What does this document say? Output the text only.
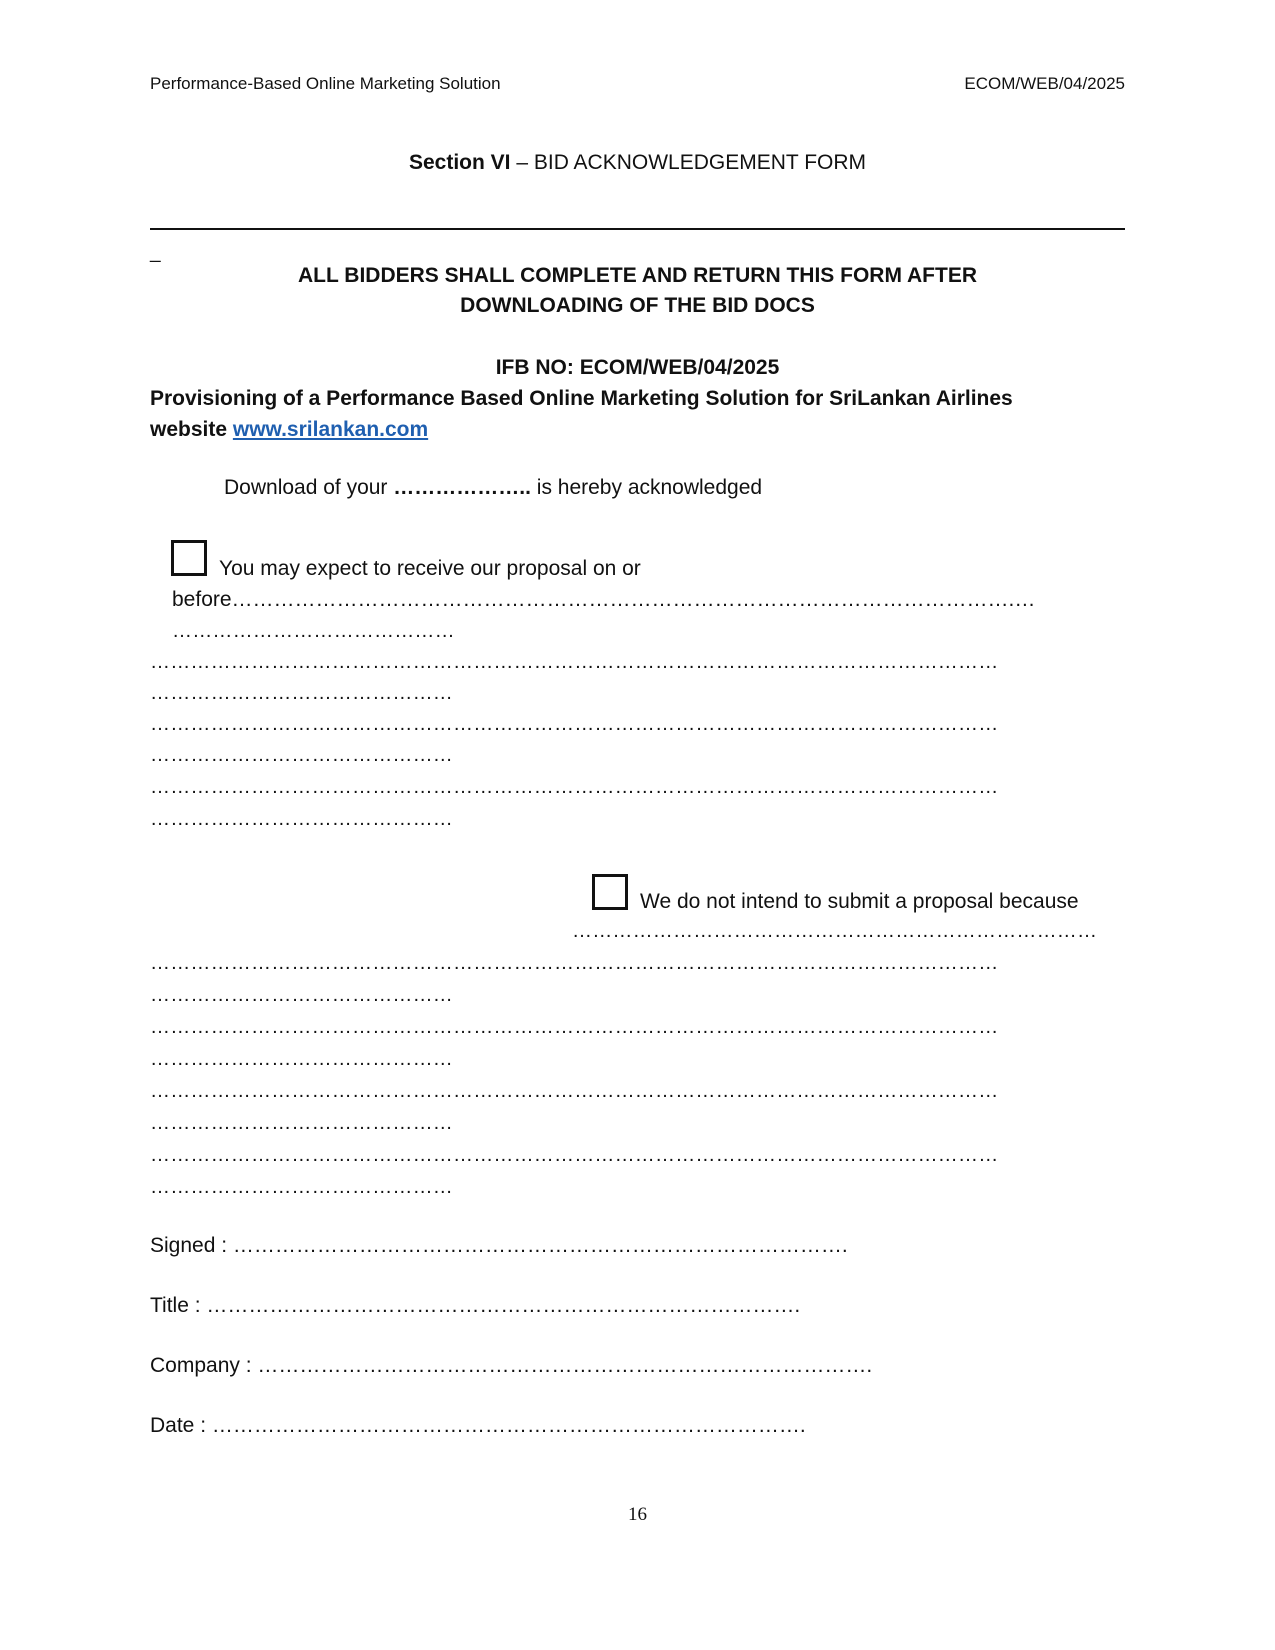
Performance-Based Online Marketing Solution	ECOM/WEB/04/2025
Section VI – BID ACKNOWLEDGEMENT FORM
_
ALL BIDDERS SHALL COMPLETE AND RETURN THIS FORM AFTER
DOWNLOADING OF THE BID DOCS
IFB NO: ECOM/WEB/04/2025
Provisioning of a Performance Based Online Marketing Solution for SriLankan Airlines
website www.srilankan.com
Download of your ……………….. is hereby acknowledged
You may expect to receive our proposal on or
before………………………………………………………………………………………………….…
……………………………………
………………………………………………………………………………………………………………
………………………………………
………………………………………………………………………………………………………………
………………………………………
………………………………………………………………………………………………………………
………………………………………
We do not intend to submit a proposal because
……………………………………………………………………
………………………………………………………………………………………………………………
………………………………………
………………………………………………………………………………………………………………
………………………………………
………………………………………………………………………………………………………………
………………………………………
………………………………………………………………………………………………………………
………………………………………
Signed : …………………………………………………………………………….
Title : ………………………………………………………………………….
Company : …………………………………………………………………………….
Date : ………………………………………………………………………….
16
